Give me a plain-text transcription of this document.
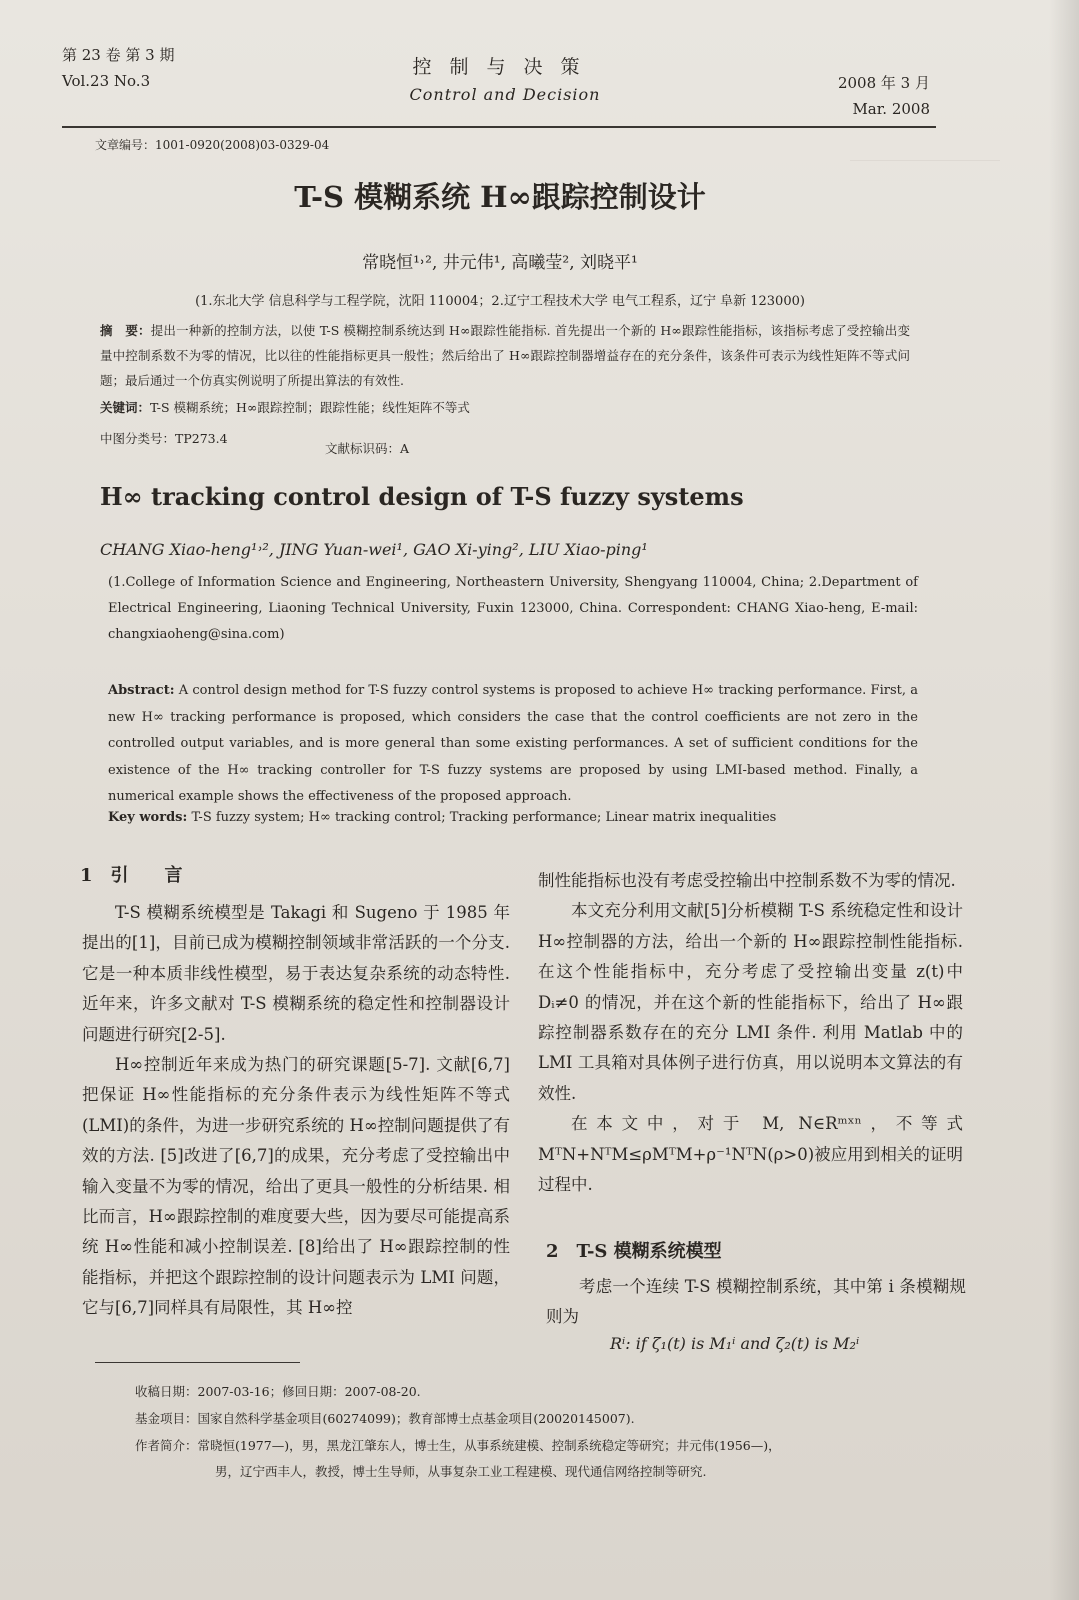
第 23 卷 第 3 期
Vol.23 No.3
控制与决策
Control and Decision
2008 年 3 月
Mar. 2008
文章编号：1001-0920(2008)03-0329-04
T-S 模糊系统 H∞跟踪控制设计
常晓恒¹˒², 井元伟¹, 高曦莹², 刘晓平¹
(1.东北大学 信息科学与工程学院，沈阳 110004；2.辽宁工程技术大学 电气工程系，辽宁 阜新 123000)
摘　要：提出一种新的控制方法，以使 T-S 模糊控制系统达到 H∞跟踪性能指标. 首先提出一个新的 H∞跟踪性能指标，该指标考虑了受控输出变量中控制系数不为零的情况，比以往的性能指标更具一般性；然后给出了 H∞跟踪控制器增益存在的充分条件，该条件可表示为线性矩阵不等式问题；最后通过一个仿真实例说明了所提出算法的有效性.
关键词：T-S 模糊系统；H∞跟踪控制；跟踪性能；线性矩阵不等式
中图分类号：TP273.4
文献标识码：A
H∞ tracking control design of T-S fuzzy systems
CHANG Xiao-heng¹˒², JING Yuan-wei¹, GAO Xi-ying², LIU Xiao-ping¹
(1.College of Information Science and Engineering, Northeastern University, Shengyang 110004, China; 2.Department of Electrical Engineering, Liaoning Technical University, Fuxin 123000, China. Correspondent: CHANG Xiao-heng, E-mail: changxiaoheng@sina.com)
Abstract: A control design method for T-S fuzzy control systems is proposed to achieve H∞ tracking performance. First, a new H∞ tracking performance is proposed, which considers the case that the control coefficients are not zero in the controlled output variables, and is more general than some existing performances. A set of sufficient conditions for the existence of the H∞ tracking controller for T-S fuzzy systems are proposed by using LMI-based method. Finally, a numerical example shows the effectiveness of the proposed approach.
Key words: T-S fuzzy system; H∞ tracking control; Tracking performance; Linear matrix inequalities
1　引　　言

T-S 模糊系统模型是 Takagi 和 Sugeno 于 1985 年提出的[1]，目前已成为模糊控制领域非常活跃的一个分支. 它是一种本质非线性模型，易于表达复杂系统的动态特性. 近年来，许多文献对 T-S 模糊系统的稳定性和控制器设计问题进行研究[2-5].

H∞控制近年来成为热门的研究课题[5-7]. 文献[6,7]把保证 H∞性能指标的充分条件表示为线性矩阵不等式(LMI)的条件，为进一步研究系统的 H∞控制问题提供了有效的方法. [5]改进了[6,7]的成果，充分考虑了受控输出中输入变量不为零的情况，给出了更具一般性的分析结果. 相比而言，H∞跟踪控制的难度要大些，因为要尽可能提高系统 H∞性能和减小控制误差. [8]给出了 H∞跟踪控制的性能指标，并把这个跟踪控制的设计问题表示为 LMI 问题，它与[6,7]同样具有局限性，其 H∞控

制性能指标也没有考虑受控输出中控制系数不为零的情况.

本文充分利用文献[5]分析模糊 T-S 系统稳定性和设计 H∞控制器的方法，给出一个新的 H∞跟踪控制性能指标. 在这个性能指标中，充分考虑了受控输出变量 z(t)中 Dᵢ≠0 的情况，并在这个新的性能指标下，给出了 H∞跟踪控制器系数存在的充分 LMI 条件. 利用 Matlab 中的 LMI 工具箱对具体例子进行仿真，用以说明本文算法的有效性.

在本文中，对于 M, N∈Rᵐˣⁿ，不等式 MᵀN+NᵀM≤ρMᵀM+ρ⁻¹NᵀN(ρ>0)被应用到相关的证明过程中.

2　T-S 模糊系统模型

考虑一个连续 T-S 模糊控制系统，其中第 i 条模糊规则为

Rⁱ: if ζ₁(t) is M₁ⁱ and ζ₂(t) is M₂ⁱ
收稿日期：2007-03-16；修回日期：2007-08-20.
基金项目：国家自然科学基金项目(60274099)；教育部博士点基金项目(20020145007).
作者简介：常晓恒(1977—)，男，黑龙江肇东人，博士生，从事系统建模、控制系统稳定等研究；井元伟(1956—)，
男，辽宁西丰人，教授，博士生导师，从事复杂工业工程建模、现代通信网络控制等研究.
